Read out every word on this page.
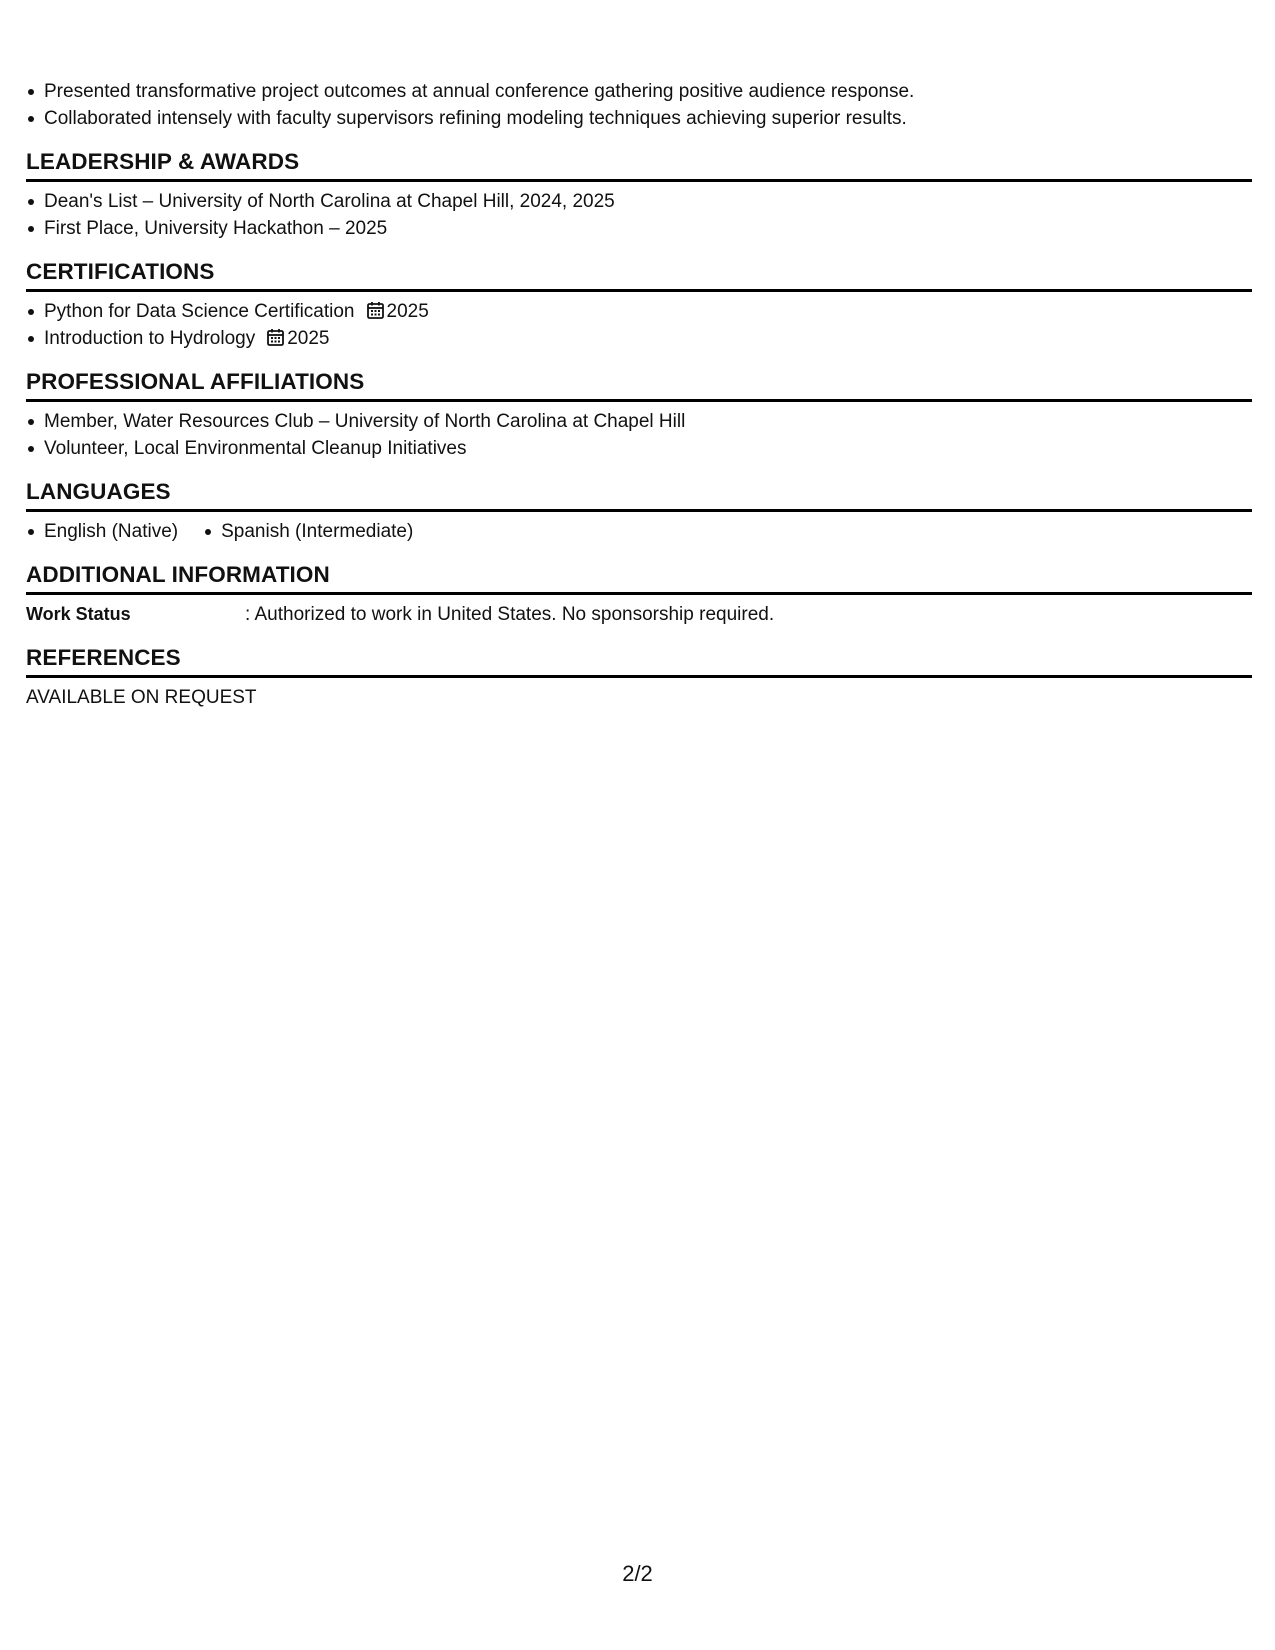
Presented transformative project outcomes at annual conference gathering positive audience response.
Collaborated intensely with faculty supervisors refining modeling techniques achieving superior results.
LEADERSHIP & AWARDS
Dean's List – University of North Carolina at Chapel Hill, 2024, 2025
First Place, University Hackathon – 2025
CERTIFICATIONS
Python for Data Science Certification 2025
Introduction to Hydrology 2025
PROFESSIONAL AFFILIATIONS
Member, Water Resources Club – University of North Carolina at Chapel Hill
Volunteer, Local Environmental Cleanup Initiatives
LANGUAGES
English (Native)	Spanish (Intermediate)
ADDITIONAL INFORMATION
Work Status	: Authorized to work in United States. No sponsorship required.
REFERENCES
AVAILABLE ON REQUEST
2/2
